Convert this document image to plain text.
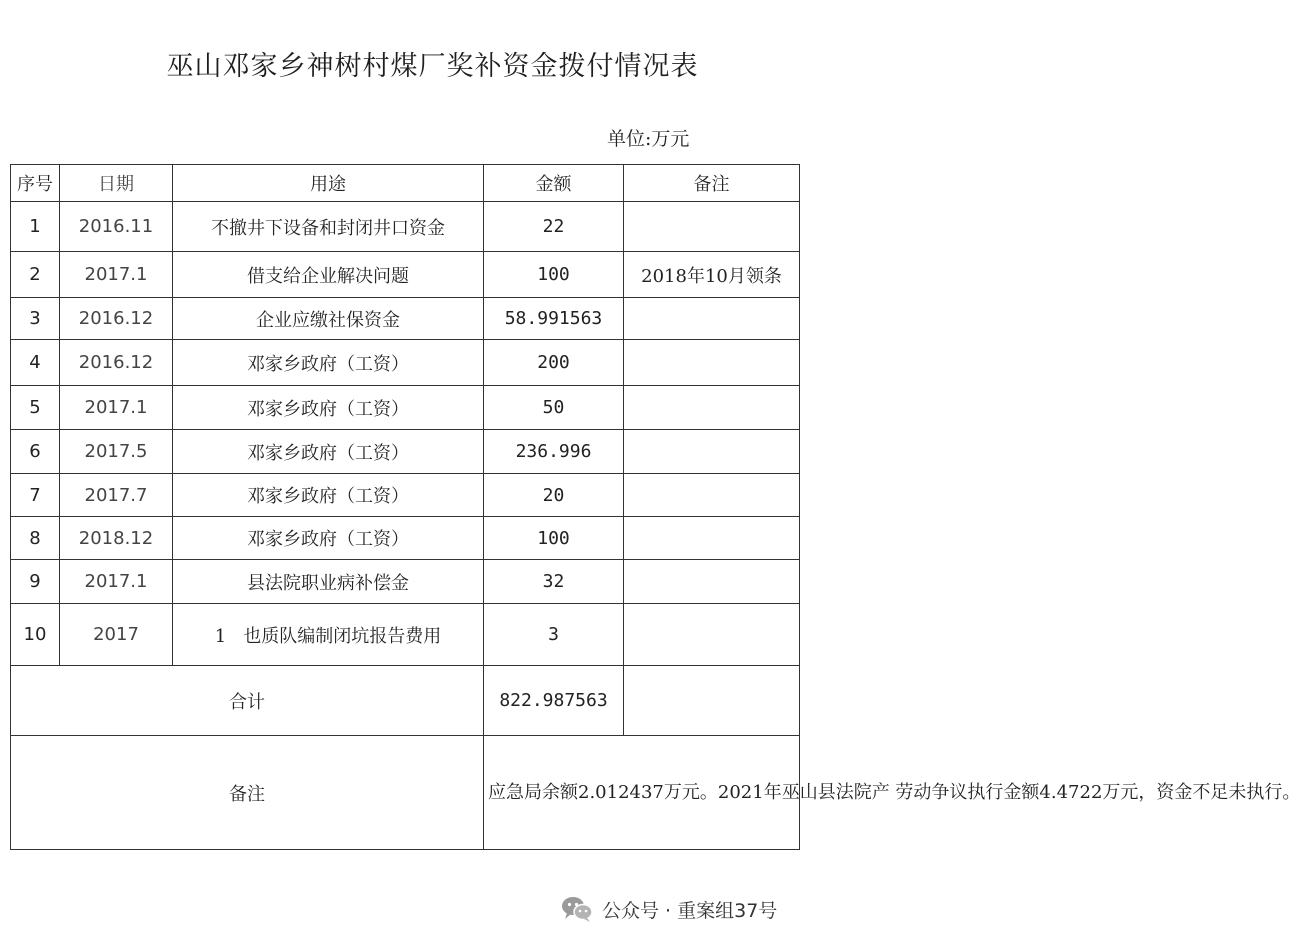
巫山邓家乡神树村煤厂奖补资金拨付情况表
单位:万元
序号	日期	用途	金额	备注
1	2016.11	不撤井下设备和封闭井口资金	22	
2	2017.1	借支给企业解决问题	100	2018年10月领条
3	2016.12	企业应缴社保资金	58.991563	
4	2016.12	邓家乡政府（工资）	200	
5	2017.1	邓家乡政府（工资）	50	
6	2017.5	邓家乡政府（工资）	236.996	
7	2017.7	邓家乡政府（工资）	20	
8	2018.12	邓家乡政府（工资）	100	
9	2017.1	县法院职业病补偿金	32	
10	2017	1   也质队编制闭坑报告费用	3	
合计			822.987563	
备注			应急局余额2.012437万元。2021年巫山县法院产 劳动争议执行金额4.4722万元，资金不足未执行。	
公众号 · 重案组37号
